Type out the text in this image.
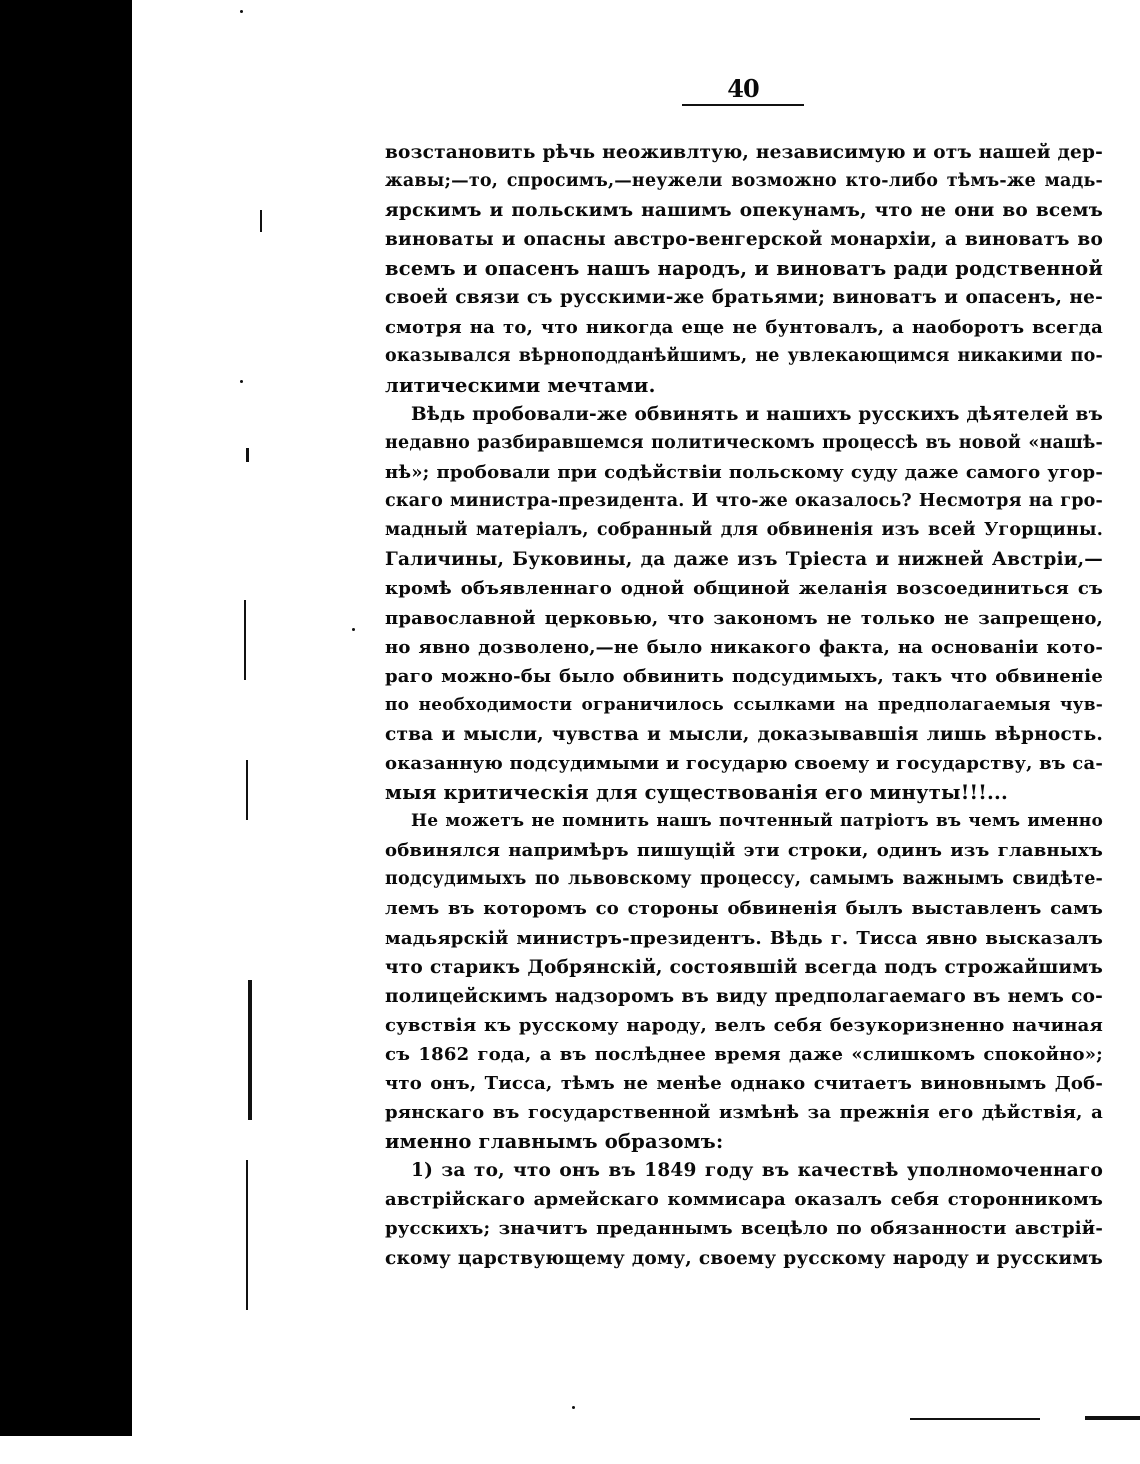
40
возстановить рѣчь неоживлтую, независимую и отъ нашей дер-
жавы;—то, спросимъ,—неужели возможно кто-либо тѣмъ-же мадь-
ярскимъ и польскимъ нашимъ опекунамъ, что не они во всемъ
виноваты и опасны австро-венгерской монархіи, а виноватъ во
всемъ и опасенъ нашъ народъ, и виноватъ ради родственной
своей связи съ русскими-же братьями; виноватъ и опасенъ, не-
смотря на то, что никогда еще не бунтовалъ, а наоборотъ всегда
оказывался вѣрноподданѣйшимъ, не увлекающимся никакими по-
литическими мечтами.
Вѣдь пробовали-же обвинять и нашихъ русскихъ дѣятелей въ
недавно разбиравшемся политическомъ процессѣ въ новой «нашѣ-
нѣ»; пробовали при содѣйствіи польскому суду даже самого угор-
скаго министра-президента. И что-же оказалось? Несмотря на гро-
мадный матеріалъ, собранный для обвиненія изъ всей Угорщины.
Галичины, Буковины, да даже изъ Тріеста и нижней Австріи,—
кромѣ объявленнаго одной общиной желанія возсоединиться съ
православной церковью, что закономъ не только не запрещено,
но явно дозволено,—не было никакого факта, на основаніи кото-
раго можно-бы было обвинить подсудимыхъ, такъ что обвиненіе
по необходимости ограничилось ссылками на предполагаемыя чув-
ства и мысли, чувства и мысли, доказывавшія лишь вѣрность.
оказанную подсудимыми и государю своему и государству, въ са-
мыя критическія для существованія его минуты!!!...
Не можетъ не помнить нашъ почтенный патріотъ въ чемъ именно
обвинялся напримѣръ пишущій эти строки, одинъ изъ главныхъ
подсудимыхъ по львовскому процессу, самымъ важнымъ свидѣте-
лемъ въ которомъ со стороны обвиненія былъ выставленъ самъ
мадьярскій министръ-президентъ. Вѣдь г. Тисса явно высказалъ
что старикъ Добрянскій, состоявшій всегда подъ строжайшимъ
полицейскимъ надзоромъ въ виду предполагаемаго въ немъ со-
сувствія къ русскому народу, велъ себя безукоризненно начиная
съ 1862 года, а въ послѣднее время даже «слишкомъ спокойно»;
что онъ, Тисса, тѣмъ не менѣе однако считаетъ виновнымъ Доб-
рянскаго въ государственной измѣнѣ за прежнія его дѣйствія, а
именно главнымъ образомъ:
1) за то, что онъ въ 1849 году въ качествѣ уполномоченнаго
австрійскаго армейскаго коммисара оказалъ себя сторонникомъ
русскихъ; значитъ преданнымъ всецѣло по обязанности австрій-
скому царствующему дому, своему русскому народу и русскимъ
